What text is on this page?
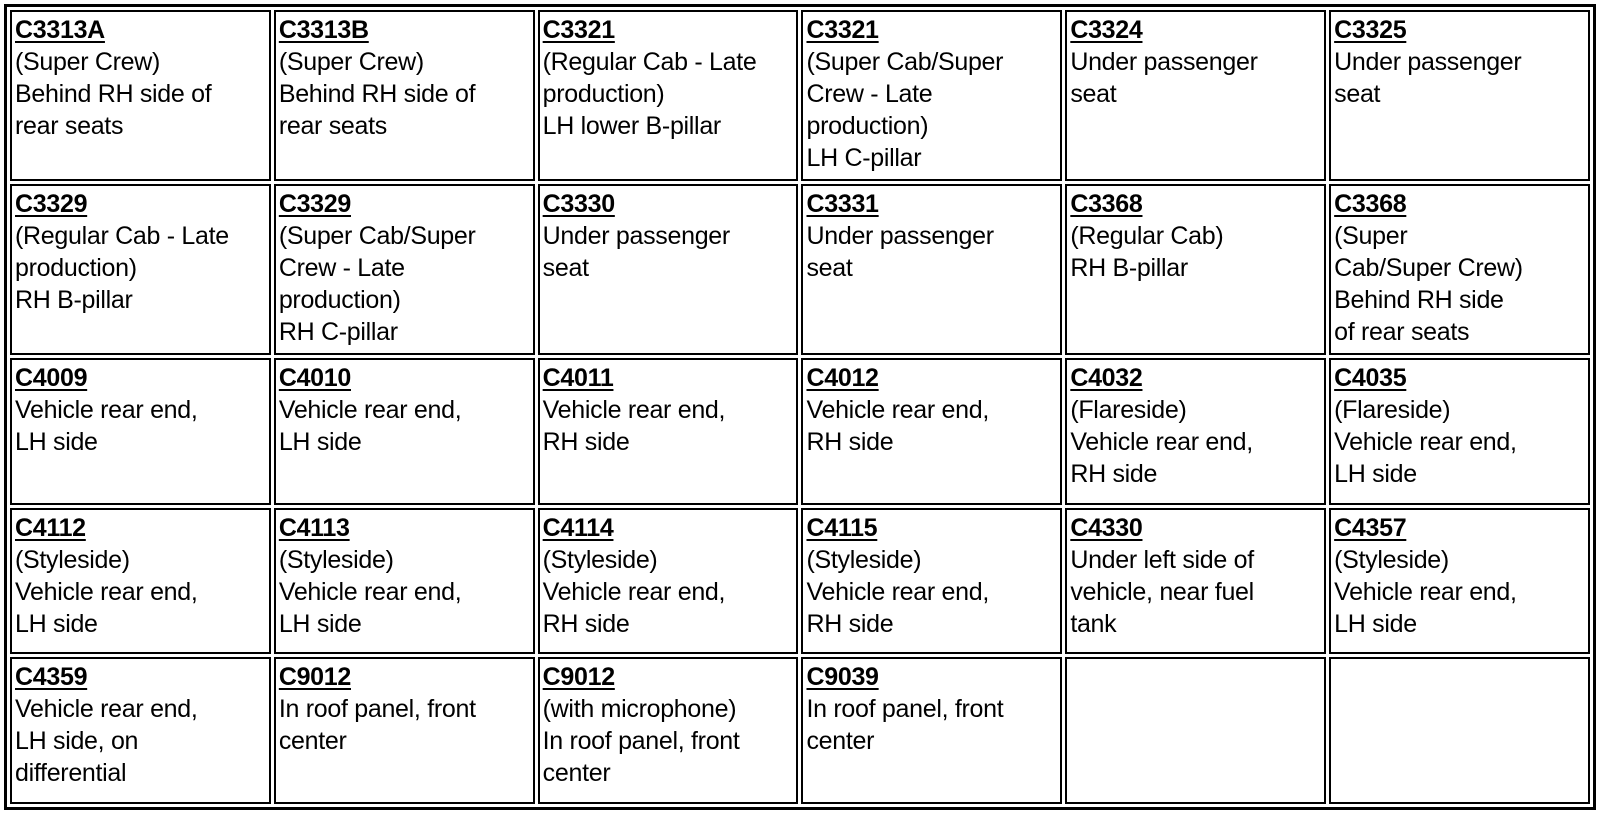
C3313A
(Super Crew)
Behind RH side of
rear seats	C3313B
(Super Crew)
Behind RH side of
rear seats	C3321
(Regular Cab - Late
production)
LH lower B-pillar	C3321
(Super Cab/Super
Crew - Late
production)
LH C-pillar	C3324
Under passenger
seat	C3325
Under passenger
seat

C3329
(Regular Cab - Late
production)
RH B-pillar	C3329
(Super Cab/Super
Crew - Late
production)
RH C-pillar	C3330
Under passenger
seat	C3331
Under passenger
seat	C3368
(Regular Cab)
RH B-pillar	C3368
(Super
Cab/Super Crew)
Behind RH side
of rear seats

C4009
Vehicle rear end,
LH side	C4010
Vehicle rear end,
LH side	C4011
Vehicle rear end,
RH side	C4012
Vehicle rear end,
RH side	C4032
(Flareside)
Vehicle rear end,
RH side	C4035
(Flareside)
Vehicle rear end,
LH side

C4112
(Styleside)
Vehicle rear end,
LH side	C4113
(Styleside)
Vehicle rear end,
LH side	C4114
(Styleside)
Vehicle rear end,
RH side	C4115
(Styleside)
Vehicle rear end,
RH side	C4330
Under left side of
vehicle, near fuel
tank	C4357
(Styleside)
Vehicle rear end,
LH side

C4359
Vehicle rear end,
LH side, on
differential	C9012
In roof panel, front
center	C9012
(with microphone)
In roof panel, front
center	C9039
In roof panel, front
center		
